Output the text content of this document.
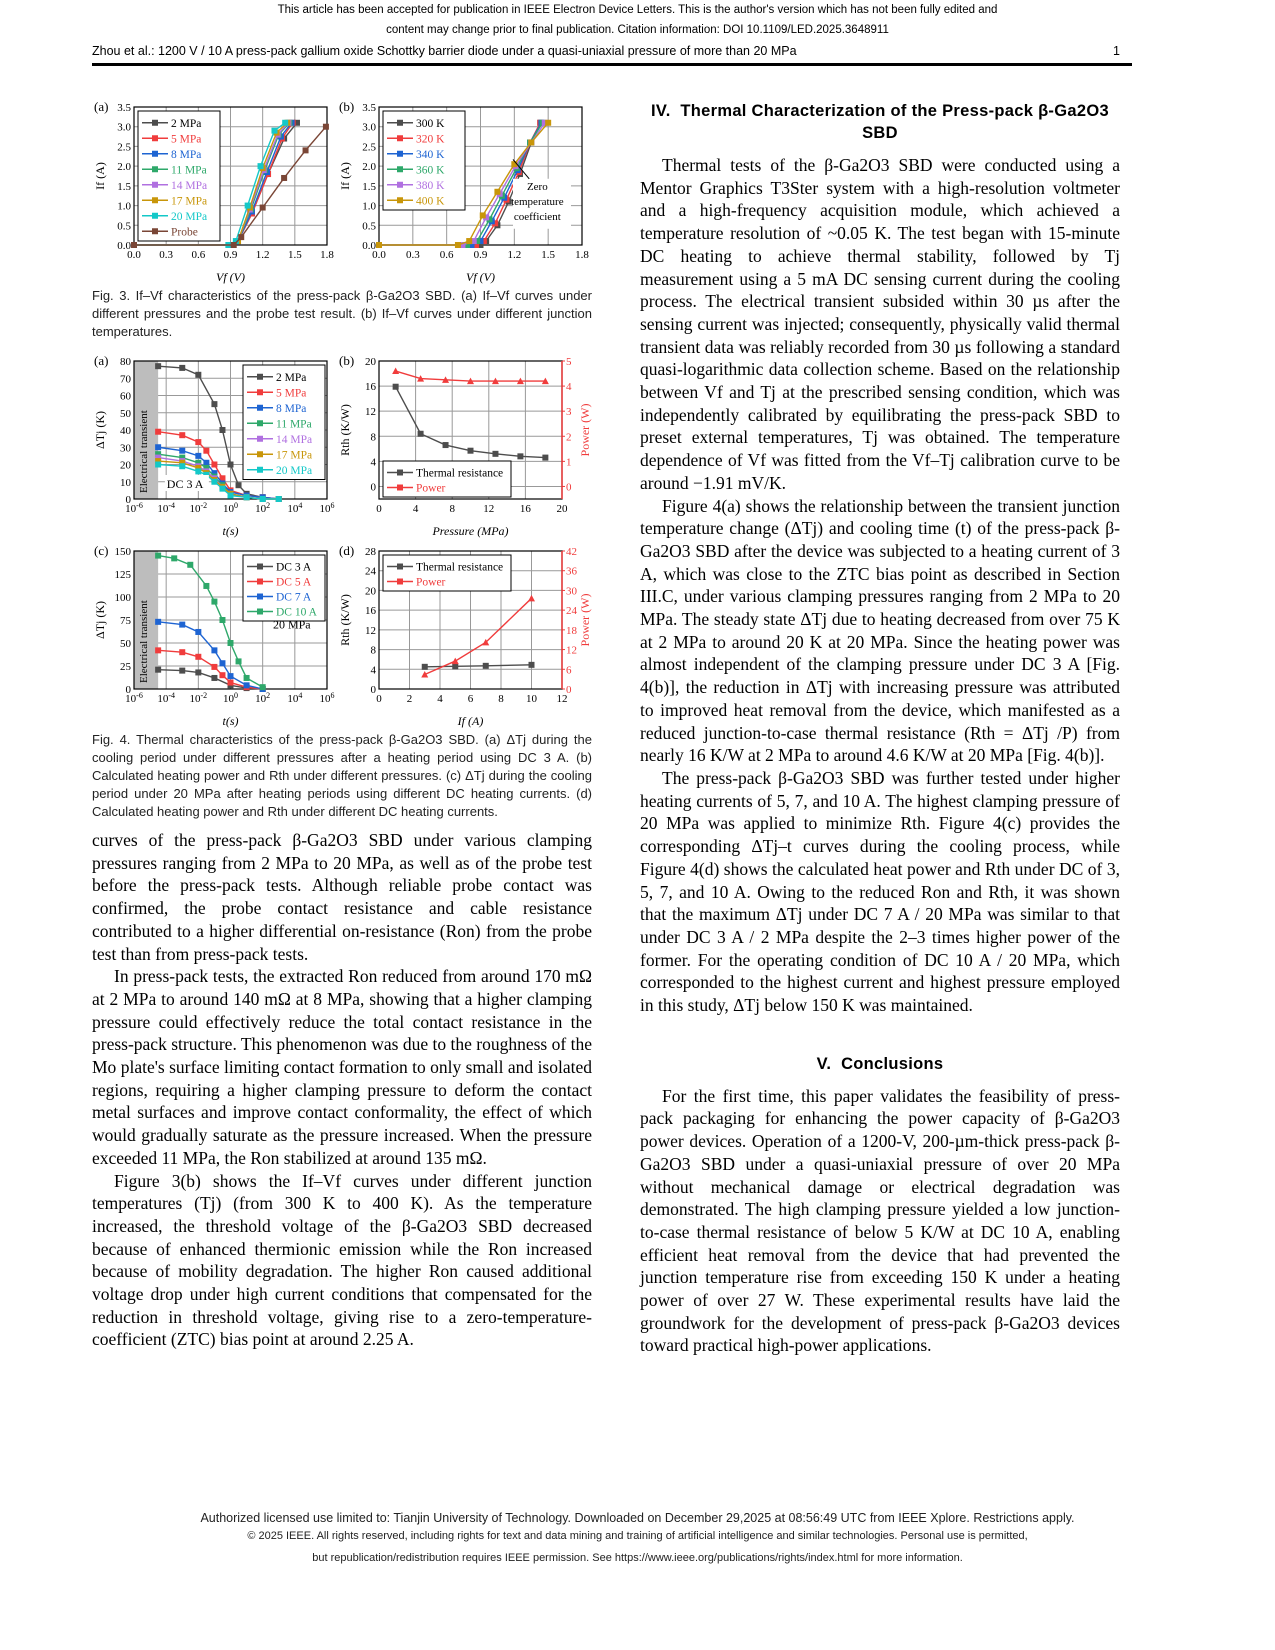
This article has been accepted for publication in IEEE Electron Device Letters. This is the author's version which has not been fully edited and
content may change prior to final publication. Citation information: DOI 10.1109/LED.2025.3648911
Zhou et al.: 1200 V / 10 A press-pack gallium oxide Schottky barrier diode under a quasi-uniaxial pressure of more than 20 MPa	1
0.0 0.3 0.6 0.9 1.2 1.5 1.8
0.0
0.5
1.0
1.5
2.0
2.5
3.0
3.5
2 MPa
5 MPa
8 MPa
11 MPa
14 MPa
17 MPa
20 MPa
Probe
(a)
Vf (V)
If (A)
0.0 0.3 0.6 0.9 1.2 1.5 1.8
0.0
0.5
1.0
1.5
2.0
2.5
3.0
3.5
300 K
320 K
340 K
360 K
380 K
400 K
Zero
temperature
coefficient
(b)
Vf (V)
If (A)

Fig. 3. If–Vf characteristics of the press-pack β-Ga2O3 SBD. (a) If–Vf curves under different pressures and the probe test result. (b) If–Vf curves under different junction temperatures.

$10^{-6}$ $10^{-4}$ $10^{-2}$ $10^0$ $10^2$ $10^4$ $10^6$
0
10
20
30
40
50
60
70
80
Electrical transient
2 MPa
5 MPa
8 MPa
11 MPa
14 MPa
17 MPa
20 MPa
DC 3 A
(a)
t(s)
ΔTj (K)
0	4	8	12 16 20
0
4
8
12
16
20
0
1
2
3
4
5
Thermal resistance
Power
(b)
Pressure (MPa)
Rth (K/W)	Power (W)
$10^{-6}$ $10^{-4}$ $10^{-2}$ $10^0$ $10^2$ $10^4$ $10^6$
0
25
50
75
100
125
150
Electrical transient
DC 3 A
DC 5 A
DC 7 A
DC 10 A
20 MPa
(c)
t(s)
ΔTj (K)
0 2 4 6 8 10 12
0
4
8
12
16
20
24
28
0
6
12
18
24
30
36
42
Thermal resistance
Power
(d)
If (A)
Rth (K/W)	Power (W)

Fig. 4. Thermal characteristics of the press-pack β-Ga2O3 SBD. (a) ΔTj during the cooling period under different pressures after a heating period using DC 3 A. (b) Calculated heating power and Rth under different pressures. (c) ΔTj during the cooling period under 20 MPa after heating periods using different DC heating currents. (d) Calculated heating power and Rth under different DC heating currents.

curves of the press-pack β-Ga2O3 SBD under various clamping pressures ranging from 2 MPa to 20 MPa, as well as of the probe test before the press-pack tests. Although reliable probe contact was confirmed, the probe contact resistance and cable resistance contributed to a higher differential on-resistance (Ron) from the probe test than from press-pack tests.

In press-pack tests, the extracted Ron reduced from around 170 mΩ at 2 MPa to around 140 mΩ at 8 MPa, showing that a higher clamping pressure could effectively reduce the total contact resistance in the press-pack structure. This phenomenon was due to the roughness of the Mo plate's surface limiting contact formation to only small and isolated regions, requiring a higher clamping pressure to deform the contact metal surfaces and improve contact conformality, the effect of which would gradually saturate as the pressure increased. When the pressure exceeded 11 MPa, the Ron stabilized at around 135 mΩ.

Figure 3(b) shows the If–Vf curves under different junction temperatures (Tj) (from 300 K to 400 K). As the temperature increased, the threshold voltage of the β-Ga2O3 SBD decreased because of enhanced thermionic emission while the Ron increased because of mobility degradation. The higher Ron caused additional voltage drop under high current conditions that compensated for the reduction in threshold voltage, giving rise to a zero-temperature-coefficient (ZTC) bias point at around 2.25 A.

IV. Thermal Characterization of the Press-pack β-Ga2O3 SBD

Thermal tests of the β-Ga2O3 SBD were conducted using a Mentor Graphics T3Ster system with a high-resolution voltmeter and a high-frequency acquisition module, which achieved a temperature resolution of ~0.05 K. The test began with 15-minute DC heating to achieve thermal stability, followed by Tj measurement using a 5 mA DC sensing current during the cooling process. The electrical transient subsided within 30 µs after the sensing current was injected; consequently, physically valid thermal transient data was reliably recorded from 30 µs following a standard quasi-logarithmic data collection scheme. Based on the relationship between Vf and Tj at the prescribed sensing condition, which was independently calibrated by equilibrating the press-pack SBD to preset external temperatures, Tj was obtained. The temperature dependence of Vf was fitted from the Vf–Tj calibration curve to be around −1.91 mV/K.

Figure 4(a) shows the relationship between the transient junction temperature change (ΔTj) and cooling time (t) of the press-pack β-Ga2O3 SBD after the device was subjected to a heating current of 3 A, which was close to the ZTC bias point as described in Section III.C, under various clamping pressures ranging from 2 MPa to 20 MPa. The steady state ΔTj due to heating decreased from over 75 K at 2 MPa to around 20 K at 20 MPa. Since the heating power was almost independent of the clamping pressure under DC 3 A [Fig. 4(b)], the reduction in ΔTj with increasing pressure was attributed to improved heat removal from the device, which manifested as a reduced junction-to-case thermal resistance (Rth = ΔTj /P) from nearly 16 K/W at 2 MPa to around 4.6 K/W at 20 MPa [Fig. 4(b)].

The press-pack β-Ga2O3 SBD was further tested under higher heating currents of 5, 7, and 10 A. The highest clamping pressure of 20 MPa was applied to minimize Rth. Figure 4(c) provides the corresponding ΔTj–t curves during the cooling process, while Figure 4(d) shows the calculated heat power and Rth under DC of 3, 5, 7, and 10 A. Owing to the reduced Ron and Rth, it was shown that the maximum ΔTj under DC 7 A / 20 MPa was similar to that under DC 3 A / 2 MPa despite the 2–3 times higher power of the former. For the operating condition of DC 10 A / 20 MPa, which corresponded to the highest current and highest pressure employed in this study, ΔTj below 150 K was maintained.

V. Conclusions

For the first time, this paper validates the feasibility of press-pack packaging for enhancing the power capacity of β-Ga2O3 power devices. Operation of a 1200-V, 200-µm-thick press-pack β-Ga2O3 SBD under a quasi-uniaxial pressure of over 20 MPa without mechanical damage or electrical degradation was demonstrated. The high clamping pressure yielded a low junction-to-case thermal resistance of below 5 K/W at DC 10 A, enabling efficient heat removal from the device that had prevented the junction temperature rise from exceeding 150 K under a heating power of over 27 W. These experimental results have laid the groundwork for the development of press-pack β-Ga2O3 devices toward practical high-power applications.

Authorized licensed use limited to: Tianjin University of Technology. Downloaded on December 29,2025 at 08:56:49 UTC from IEEE Xplore. Restrictions apply.
© 2025 IEEE. All rights reserved, including rights for text and data mining and training of artificial intelligence and similar technologies. Personal use is permitted,
but republication/redistribution requires IEEE permission. See https://www.ieee.org/publications/rights/index.html for more information.
